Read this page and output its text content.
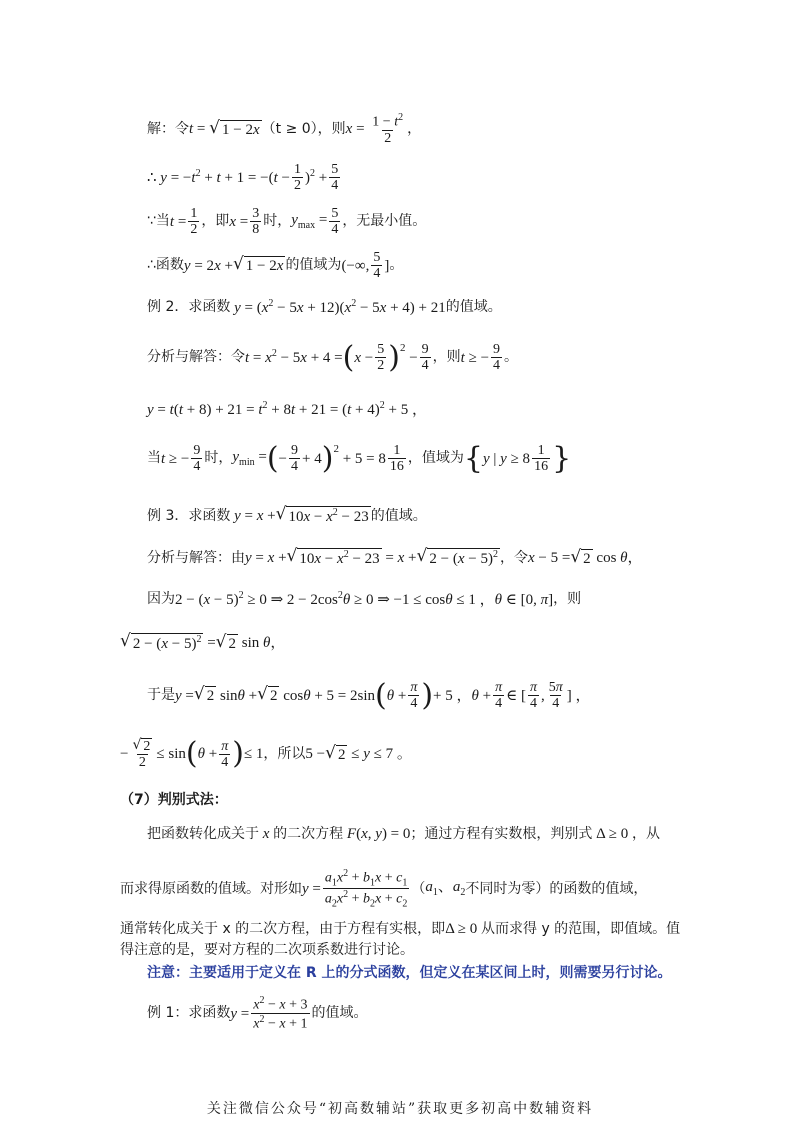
解：令 t = √ 1 − 2x （t ≥ 0），则 $x = \frac{1 - t^2}{2}$ ，
∴ $y = -t^2 + t + 1 = -(t - \frac{1}{2} )^2 + \frac{5}{4}$
∵当 $t = \frac{1}{2}$ ，即 $x = \frac{3}{8}$ 时， $y_{max} = \frac{5}{4}$ ，无最小值。
∴函数 y = 2x + √ 1 − 2x 的值域为 (−∞, $\frac{5}{4}$ ] 。
例 2．求函数 $y = (x^2 - 5x + 12)(x^2 - 5x + 4) + 21$ 的值域。
分析与解答：令 $t = x^2 - 5x + 4$ = ( $x - \frac{5}{2}$ ) 2
− $\frac{9}{4}$ ，则 t ≥ − $\frac{9}{4}$ 。
$y = t(t + 8) + 21 = t^2 + 8t + 21 = (t + 4)^2 + 5$ ，
当 t ≥ − $\frac{9}{4}$ 时， $y_{min}$ = ( − $\frac{9}{4} + 4$ ) 2
+ $5 = 8 \frac{1}{16}$ ，值域为 { y | $y \ge 8 \frac{1}{16}$ }
例 3．求函数 y = x + √ $10x - x^2 - 23$ 的值域。
分析与解答：由 y = x + √ $10x - x^2 - 23 = x$ + √ $2 - (x - 5)^2$ ，令 x − 5 = √ 2 cos θ，
因为 $2 - (x - 5)^2 \ge 0$ ⇒ $2 - 2\cos^2\theta \ge 0$ ⇒ −1 ≤ cosθ ≤ 1 ，θ ∈ [0, π] ，则
√ $2 - (x - 5)^2$ = √ 2 sin θ，
于是 y = √ 2 sinθ + √ 2 cosθ + 5 = 2sin ( $\theta + \frac{\pi}{4}$ ) + 5 ，$\theta + \frac{\pi}{4}$ ∈ [ $\frac{\pi}{4}$ , $\frac{5\pi}{4}$ ] ，
− $\frac{√ 2}{2} \le \sin$ ( $\theta + \frac{\pi}{4}$ ) ≤ 1 ，所以 5 − √ 2 ≤ y ≤ 7 。
（7）判别式法：
把函数转化成关于 x 的二次方程 F(x, y) = 0 ；通过方程有实数根，判别式 Δ ≥ 0 ，从
而求得原函数的值域。对形如 $y = \frac{a_1x^2 + b_1x + c_1}{a_2x^2 + b_2x + c_2}$ （ $a_1$、$a_2$ 不同时为零）的函数的值域，
通常转化成关于 x 的二次方程，由于方程有实根，即 Δ ≥ 0 从而求得 y 的范围，即值域。值
得注意的是，要对方程的二次项系数进行讨论。
注意：主要适用于定义在 R 上的分式函数，但定义在某区间上时，则需要另行讨论。
例 1：求函数 $y = \frac{x^2 - x + 3}{x^2 - x + 1}$ 的值域。
关注微信公众号“初高数辅站”获取更多初高中数辅资料
